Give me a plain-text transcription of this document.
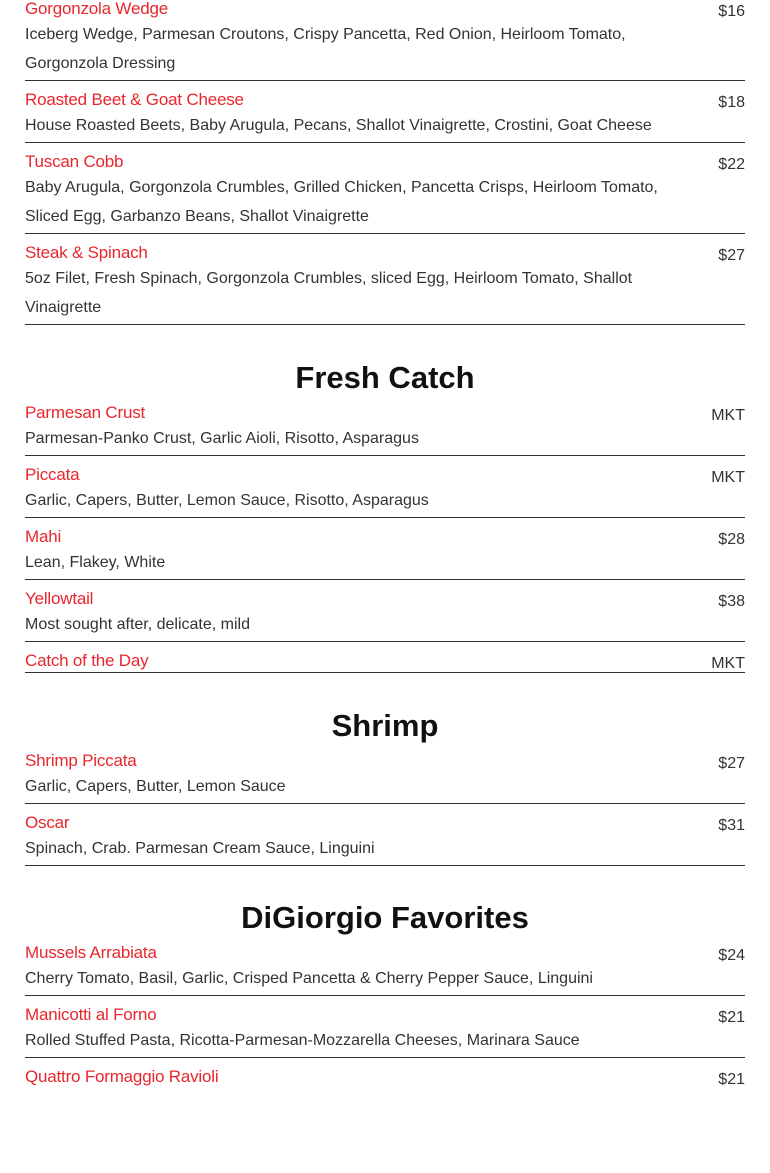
Gorgonzola Wedge	$16
Iceberg Wedge, Parmesan Croutons, Crispy Pancetta, Red Onion, Heirloom Tomato, Gorgonzola Dressing
Roasted Beet & Goat Cheese	$18
House Roasted Beets, Baby Arugula, Pecans, Shallot Vinaigrette, Crostini, Goat Cheese
Tuscan Cobb	$22
Baby Arugula, Gorgonzola Crumbles, Grilled Chicken, Pancetta Crisps, Heirloom Tomato, Sliced Egg, Garbanzo Beans, Shallot Vinaigrette
Steak & Spinach	$27
5oz Filet, Fresh Spinach, Gorgonzola Crumbles, sliced Egg, Heirloom Tomato, Shallot Vinaigrette
Fresh Catch
Parmesan Crust	MKT
Parmesan-Panko Crust, Garlic Aioli, Risotto, Asparagus
Piccata	MKT
Garlic, Capers, Butter, Lemon Sauce, Risotto, Asparagus
Mahi	$28
Lean, Flakey, White
Yellowtail	$38
Most sought after, delicate, mild
Catch of the Day	MKT
Shrimp
Shrimp Piccata	$27
Garlic, Capers, Butter, Lemon Sauce
Oscar	$31
Spinach, Crab. Parmesan Cream Sauce, Linguini
DiGiorgio Favorites
Mussels Arrabiata	$24
Cherry Tomato, Basil, Garlic, Crisped Pancetta & Cherry Pepper Sauce, Linguini
Manicotti al Forno	$21
Rolled Stuffed Pasta, Ricotta-Parmesan-Mozzarella Cheeses, Marinara Sauce
Quattro Formaggio Ravioli	$21
